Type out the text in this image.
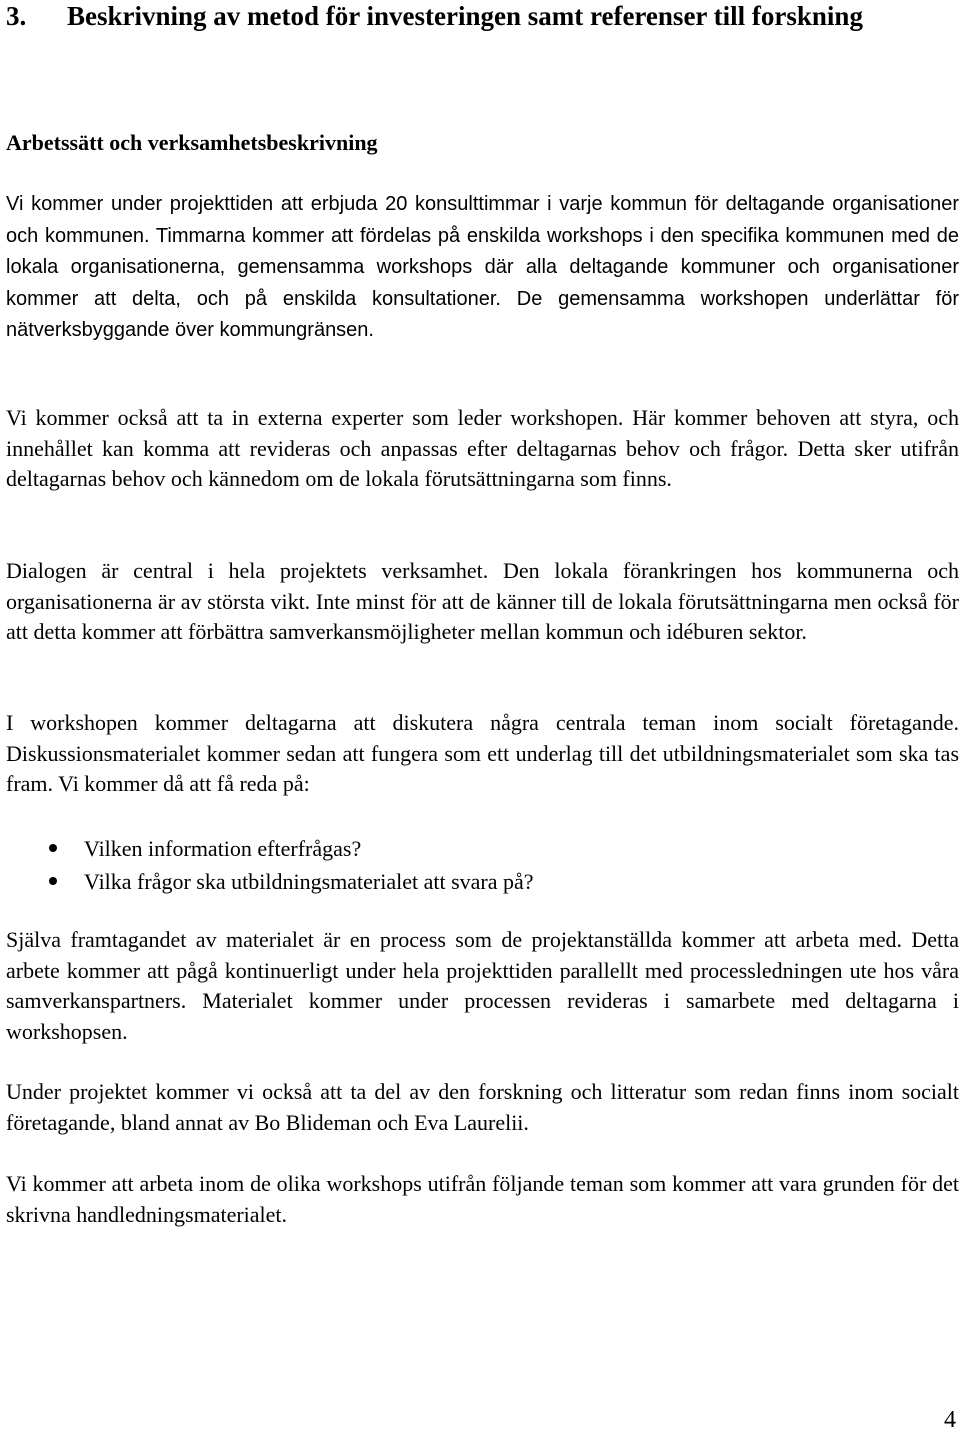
3.	Beskrivning av metod för investeringen samt referenser till forskning
Arbetssätt och verksamhetsbeskrivning

Vi kommer under projekttiden att erbjuda 20 konsulttimmar i varje kommun för deltagande organisationer och kommunen. Timmarna kommer att fördelas på enskilda workshops i den specifika kommunen med de lokala organisationerna, gemensamma workshops där alla deltagande kommuner och organisationer kommer att delta, och på enskilda konsultationer. De gemensamma workshopen underlättar för nätverksbyggande över kommungränsen.

Vi kommer också att ta in externa experter som leder workshopen. Här kommer behoven att styra, och innehållet kan komma att revideras och anpassas efter deltagarnas behov och frågor. Detta sker utifrån deltagarnas behov och kännedom om de lokala förutsättningarna som finns.

Dialogen är central i hela projektets verksamhet. Den lokala förankringen hos kommunerna och organisationerna är av största vikt. Inte minst för att de känner till de lokala förutsättningarna men också för att detta kommer att förbättra samverkansmöjligheter mellan kommun och idéburen sektor.

I workshopen kommer deltagarna att diskutera några centrala teman inom socialt företagande. Diskussionsmaterialet kommer sedan att fungera som ett underlag till det utbildningsmaterialet som ska tas fram. Vi kommer då att få reda på:

Vilken information efterfrågas?
Vilka frågor ska utbildningsmaterialet att svara på?

Själva framtagandet av materialet är en process som de projektanställda kommer att arbeta med. Detta arbete kommer att pågå kontinuerligt under hela projekttiden parallellt med processledningen ute hos våra samverkanspartners. Materialet kommer under processen revideras i samarbete med deltagarna i workshopsen.

Under projektet kommer vi också att ta del av den forskning och litteratur som redan finns inom socialt företagande, bland annat av Bo Blideman och Eva Laurelii.

Vi kommer att arbeta inom de olika workshops utifrån följande teman som kommer att vara grunden för det skrivna handledningsmaterialet.

4
